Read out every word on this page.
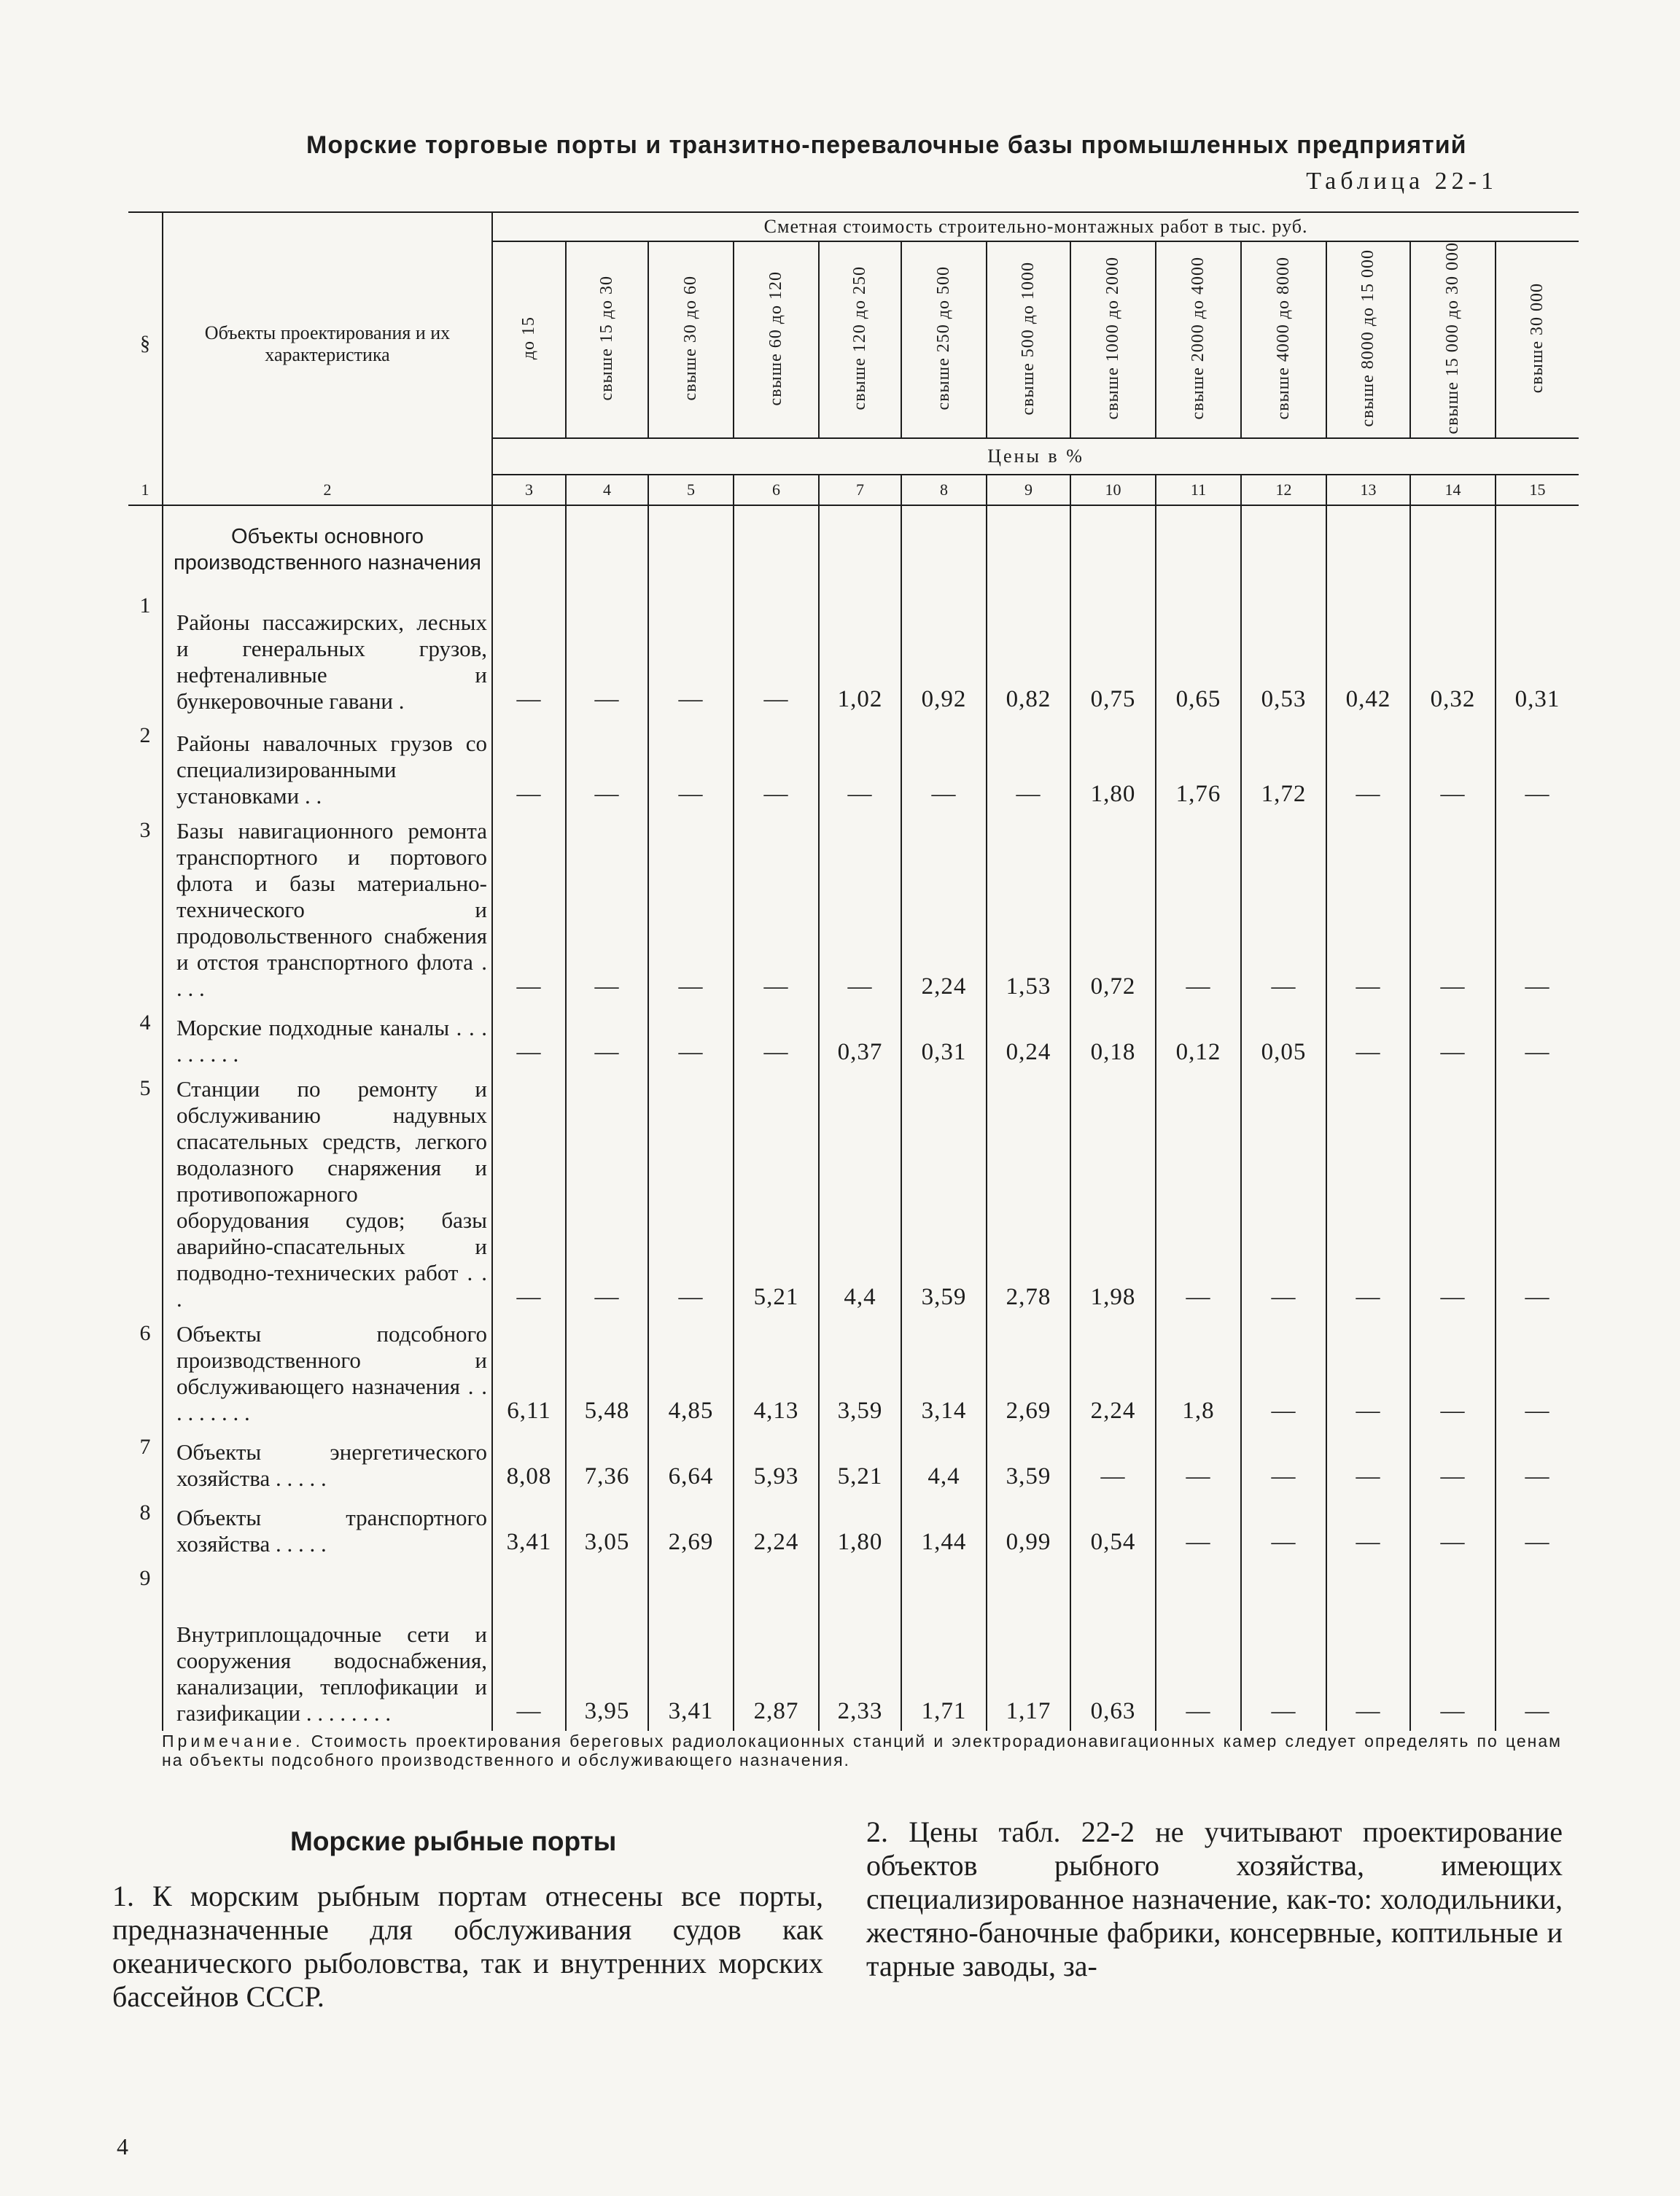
Морские торговые порты и транзитно-перевалочные базы промышленных предприятий
Таблица 22-1
§	Объекты проектирования и их характеристика	Сметная стоимость строительно-монтажных работ в тыс. руб.												
		до 15	свыше 15 до 30	свыше 30 до 60	свыше 60 до 120	свыше 120 до 250	свыше 250 до 500	свыше 500 до 1000	свыше 1000 до 2000	свыше 2000 до 4000	свыше 4000 до 8000	свыше 8000 до 15 000	свыше 15 000 до 30 000	свыше 30 000
		Цены в %												
1	2	3	4	5	6	7	8	9	10	11	12	13	14	15
	Объекты основного производственного назначения													
1	Районы пассажирских, лесных и генеральных грузов, нефтеналивные и бункеровочные гавани .	—	—	—	—	1,02	0,92	0,82	0,75	0,65	0,53	0,42	0,32	0,31
2	Районы навалочных грузов со специализированными установками . .	—	—	—	—	—	—	—	1,80	1,76	1,72	—	—	—
3	Базы навигационного ремонта транспортного и портового флота и базы материально-технического и продовольственного снабжения и отстоя транспортного флота . . . .	—	—	—	—	—	2,24	1,53	0,72	—	—	—	—	—
4	Морские подходные каналы . . . . . . . . .	—	—	—	—	0,37	0,31	0,24	0,18	0,12	0,05	—	—	—
5	Станции по ремонту и обслуживанию надувных спасательных средств, легкого водолазного снаряжения и противопожарного оборудования судов; базы аварийно-спасательных и подводно-технических работ . . .	—	—	—	5,21	4,4	3,59	2,78	1,98	—	—	—	—	—
6	Объекты подсобного производственного и обслуживающего назначения . . . . . . . . .	6,11	5,48	4,85	4,13	3,59	3,14	2,69	2,24	1,8	—	—	—	—
7	Объекты энергетического хозяйства . . . . .	8,08	7,36	6,64	5,93	5,21	4,4	3,59	—	—	—	—	—	—
8	Объекты транспортного хозяйства . . . . .	3,41	3,05	2,69	2,24	1,80	1,44	0,99	0,54	—	—	—	—	—
9	Внутриплощадочные сети и сооружения водоснабжения, канализации, теплофикации и газификации . . . . . . . .	—	3,95	3,41	2,87	2,33	1,71	1,17	0,63	—	—	—	—	—
Примечание. Стоимость проектирования береговых радиолокационных станций и электрорадионавигационных камер следует определять по ценам на объекты подсобного производственного и обслуживающего назначения.
Морские рыбные порты
1. К морским рыбным портам отнесены все порты, предназначенные для обслуживания судов как океанического рыболовства, так и внутренних морских бассейнов СССР.
2. Цены табл. 22-2 не учитывают проектирование объектов рыбного хозяйства, имеющих специализированное назначение, как-то: холодильники, жестяно-баночные фабрики, консервные, коптильные и тарные заводы, за-
4
